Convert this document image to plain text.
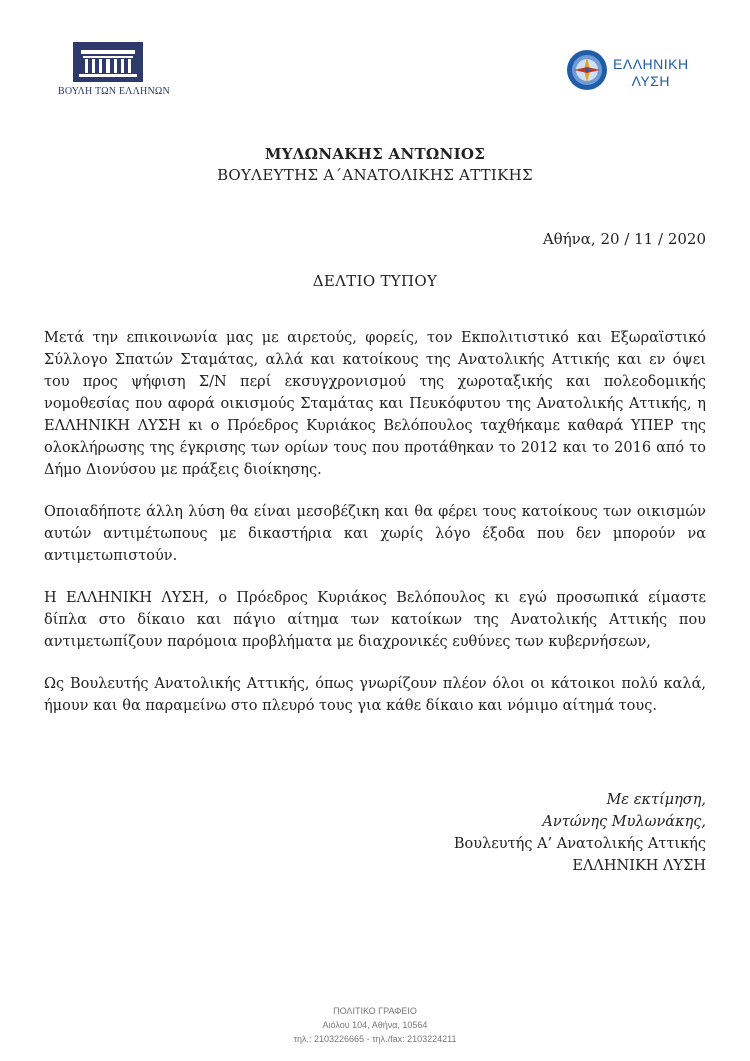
ΒΟΥΛΗ ΤΩΝ ΕΛΛΗΝΩΝ
ΕΛΛΗΝΙΚΗ
ΛΥΣΗ
ΜΥΛΩΝΑΚΗΣ ΑΝΤΩΝΙΟΣ
ΒΟΥΛΕΥΤΗΣ Α΄ΑΝΑΤΟΛΙΚΗΣ ΑΤΤΙΚΗΣ
Αθήνα, 20 / 11 / 2020
ΔΕΛΤΙΟ ΤΥΠΟΥ

Μετά την επικοινωνία μας με αιρετούς, φορείς, τον Εκπολιτιστικό και Εξωραϊστικό Σύλλογο Σπατών Σταμάτας, αλλά και κατοίκους της Ανατολικής Αττικής και εν όψει του προς ψήφιση Σ/Ν περί εκσυγχρονισμού της χωροταξικής και πολεοδομικής νομοθεσίας που αφορά οικισμούς Σταμάτας και Πευκόφυτου της Ανατολικής Αττικής, η ΕΛΛΗΝΙΚΗ ΛΥΣΗ κι ο Πρόεδρος Κυριάκος Βελόπουλος ταχθήκαμε καθαρά ΥΠΕΡ της ολοκλήρωσης της έγκρισης των ορίων τους που προτάθηκαν το 2012 και το 2016 από το Δήμο Διονύσου με πράξεις διοίκησης.

Οποιαδήποτε άλλη λύση θα είναι μεσοβέζικη και θα φέρει τους κατοίκους των οικισμών αυτών αντιμέτωπους με δικαστήρια και χωρίς λόγο έξοδα που δεν μπορούν να αντιμετωπιστούν.

Η ΕΛΛΗΝΙΚΗ ΛΥΣΗ, ο Πρόεδρος Κυριάκος Βελόπουλος κι εγώ προσωπικά είμαστε δίπλα στο δίκαιο και πάγιο αίτημα των κατοίκων της Ανατολικής Αττικής που αντιμετωπίζουν παρόμοια προβλήματα με διαχρονικές ευθύνες των κυβερνήσεων,

Ως Βουλευτής Ανατολικής Αττικής, όπως γνωρίζουν πλέον όλοι οι κάτοικοι πολύ καλά, ήμουν και θα παραμείνω στο πλευρό τους για κάθε δίκαιο και νόμιμο αίτημά τους.

Με εκτίμηση,
Αντώνης Μυλωνάκης,
Βουλευτής Α’ Ανατολικής Αττικής
ΕΛΛΗΝΙΚΗ ΛΥΣΗ
ΠΟΛΙΤΙΚΟ ΓΡΑΦΕΙΟ
Αιόλου 104, Αθήνα, 10564
τηλ.: 2103226665 - τηλ./fax: 2103224211
